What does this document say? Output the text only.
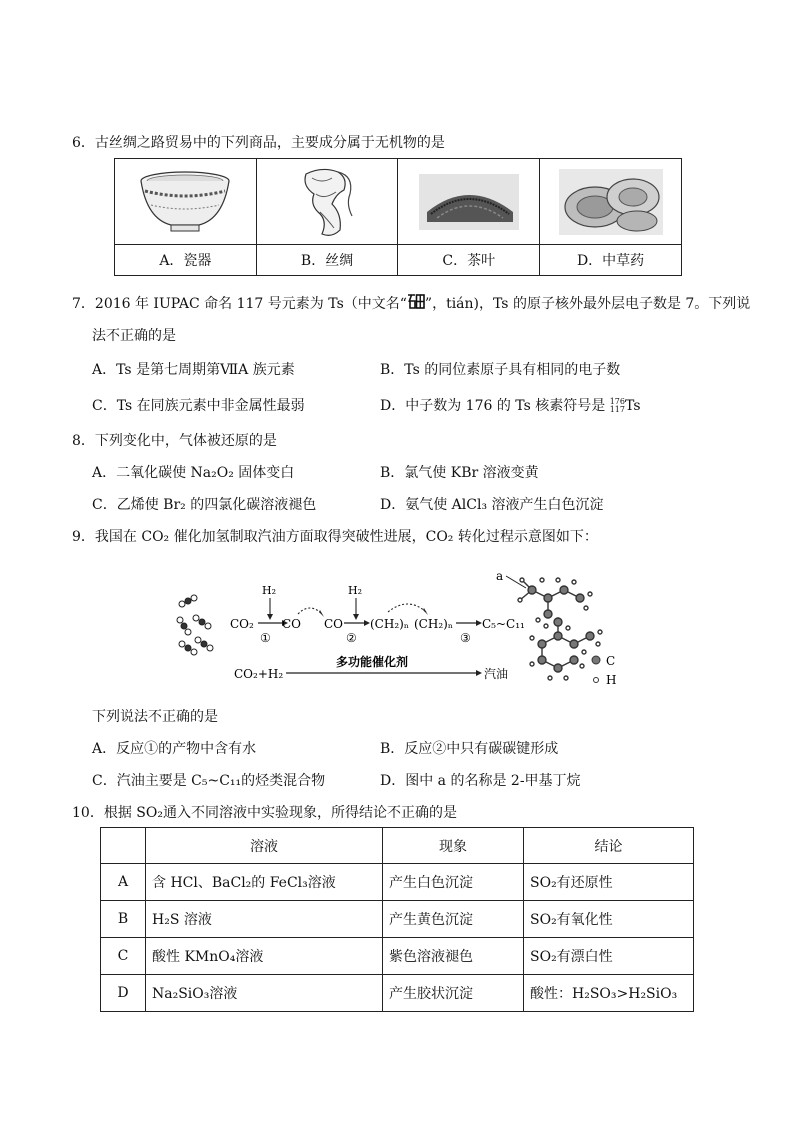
6．古丝绸之路贸易中的下列商品，主要成分属于无机物的是

A．瓷器	B．丝绸	C．茶叶	D．中草药
7．2016 年 IUPAC 命名 117 号元素为 Ts（中文名“ ”，tián)，Ts 的原子核外最外层电子数是 7。下列说
法不正确的是
A．Ts 是第七周期第ⅦA 族元素	B．Ts 的同位素原子具有相同的电子数
C．Ts 在同族元素中非金属性最弱	D．中子数为 176 的 Ts 核素符号是 176
117 Ts
8．下列变化中，气体被还原的是
A．二氧化碳使 Na₂O₂ 固体变白	B．氯气使 KBr 溶液变黄
C．乙烯使 Br₂ 的四氯化碳溶液褪色	D．氨气使 AlCl₃ 溶液产生白色沉淀
9．我国在 CO₂ 催化加氢制取汽油方面取得突破性进展，CO₂ 转化过程示意图如下：
CO₂
H₂
①
CO CO
H₂
②
(CH₂)ₙ (CH₂)ₙ
③
C₅~C₁₁
CO₂+H₂
多功能催化剂
汽油
a
C
H
下列说法不正确的是
A．反应①的产物中含有水	B．反应②中只有碳碳键形成
C．汽油主要是 C₅~C₁₁的烃类混合物	D．图中 a 的名称是 2-甲基丁烷
10．根据 SO₂通入不同溶液中实验现象，所得结论不正确的是
	溶液	现象	结论
A	含 HCl、BaCl₂的 FeCl₃溶液	产生白色沉淀	SO₂有还原性
B	H₂S 溶液	产生黄色沉淀	SO₂有氧化性
C	酸性 KMnO₄溶液	紫色溶液褪色	SO₂有漂白性
D	Na₂SiO₃溶液	产生胶状沉淀	酸性：H₂SO₃>H₂SiO₃
